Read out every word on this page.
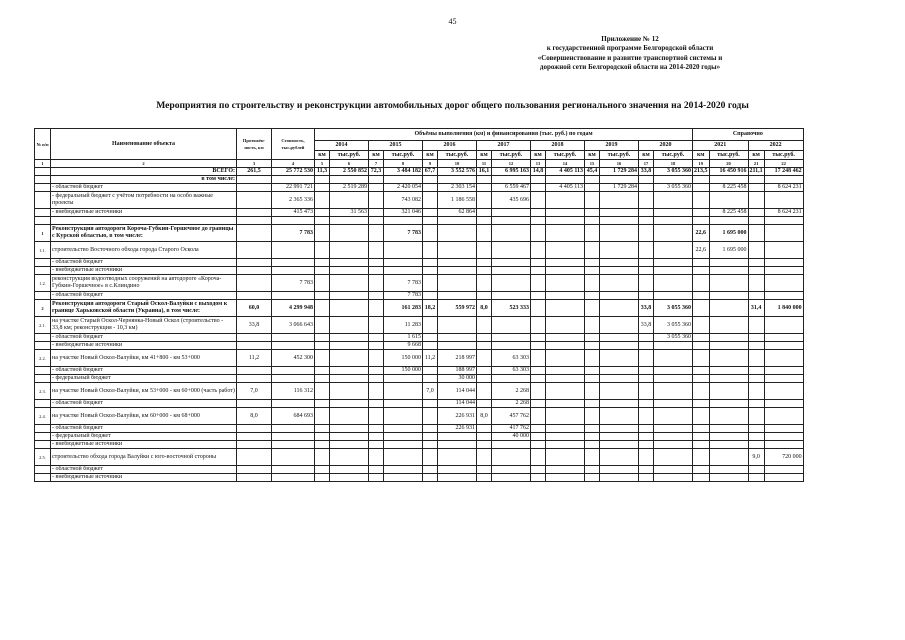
45
Приложение № 12
к государственной программе Белгородской области
«Совершенствование и развитие транспортной системы и
дорожной сети Белгородской области на 2014-2020 годы»
Мероприятия по строительству и реконструкции автомобильных дорог общего пользования регионального значения на 2014-2020 годы
№ п/п	Наименование объекта	Протяжён-ность, км	Стоимость, тыс.рублей	Объёмы выполнения (км) и финансирования (тыс. руб.) по годам														Справочно			
				2014		2015		2016		2017		2018		2019		2020		2021		2022	
				км	тыс.руб.	км	тыс.руб.	км	тыс.руб.	км	тыс.руб.	км	тыс.руб.	км	тыс.руб.	км	тыс.руб.	км	тыс.руб.	км	тыс.руб.
1	2	3	4	5	6	7	8	9	10	11	12	13	14	15	16	17	18	19	20	21	22
	ВСЕГО:	261,5	25 772 530	11,3	2 550 852	72,3	3 484 182	67,7	3 552 576	16,1	6 995 163	14,8	4 405 113	45,4	1 729 284	33,8	3 055 360	213,5	16 450 916	211,1	17 248 462
	в том числе:																				
	- областной бюджет		22 991 721		2 519 289		2 420 054		2 303 154		6 559 467		4 405 113		1 729 284		3 055 360		8 225 458		8 624 231
	- федеральный бюджет с учётом потребности на особо важные проекты		2 365 336				743 082		1 186 558		435 696										
	- внебюджетные источники		415 473		31 563		321 046		62 864										8 225 458		8 624 231

1	Реконструкция автодороги Короча-Губкин-Горшечное до границы с Курской областью, в том числе:		7 783				7 783											22,6	1 695 000		
1.1.	строительство Восточного обхода города Старого Оскола																	22,6	1 695 000		
	- областной бюджет																				
	- внебюджетные источники																				
1.2.	реконструкция водоотводных сооружений на автодороге «Короча-Губкин-Горшечное» в с.Клиндино		7 783				7 783														
	- областной бюджет						7 783														
2	Реконструкция автодороги Старый Оскол-Валуйки с выходом к границе Харьковской области (Украина), в том числе:	60,0	4 299 948				161 283	18,2	559 972	8,0	523 333					33,8	3 055 360			31,4	1 840 000
2.1.	на участке Старый Оскол-Чернянка-Новый Оскол (строительство - 33,8 км; реконструкция - 10,3 км)	33,8	3 066 643				11 283									33,8	3 055 360				
	- областной бюджет						1 615										3 055 360				
	- внебюджетные источники						9 668														
2.2.	на участке Новый Оскол-Валуйки, км 41+800 - км 53+000	11,2	452 300				150 000	11,2	218 997		63 303										
	- областной бюджет						150 000		188 997		63 303										
	- федеральный бюджет								30 000												
2.3.	на участке Новый Оскол-Валуйки, км 53+000 - км 60+000 (часть работ)	7,0	116 312					7,0	114 044		2 268										
	- областной бюджет								114 044		2 268										
2.4.	на участке Новый Оскол-Валуйки, км 60+000 - км 68+000	8,0	684 693						226 931	8,0	457 762										
	- областной бюджет								226 931		417 762										
	- федеральный бюджет										40 000										
	- внебюджетные источники																				
2.5.	строительство обхода города Валуйки с юго-восточной стороны																			9,0	720 000
	- областной бюджет																				
	- внебюджетные источники																				
